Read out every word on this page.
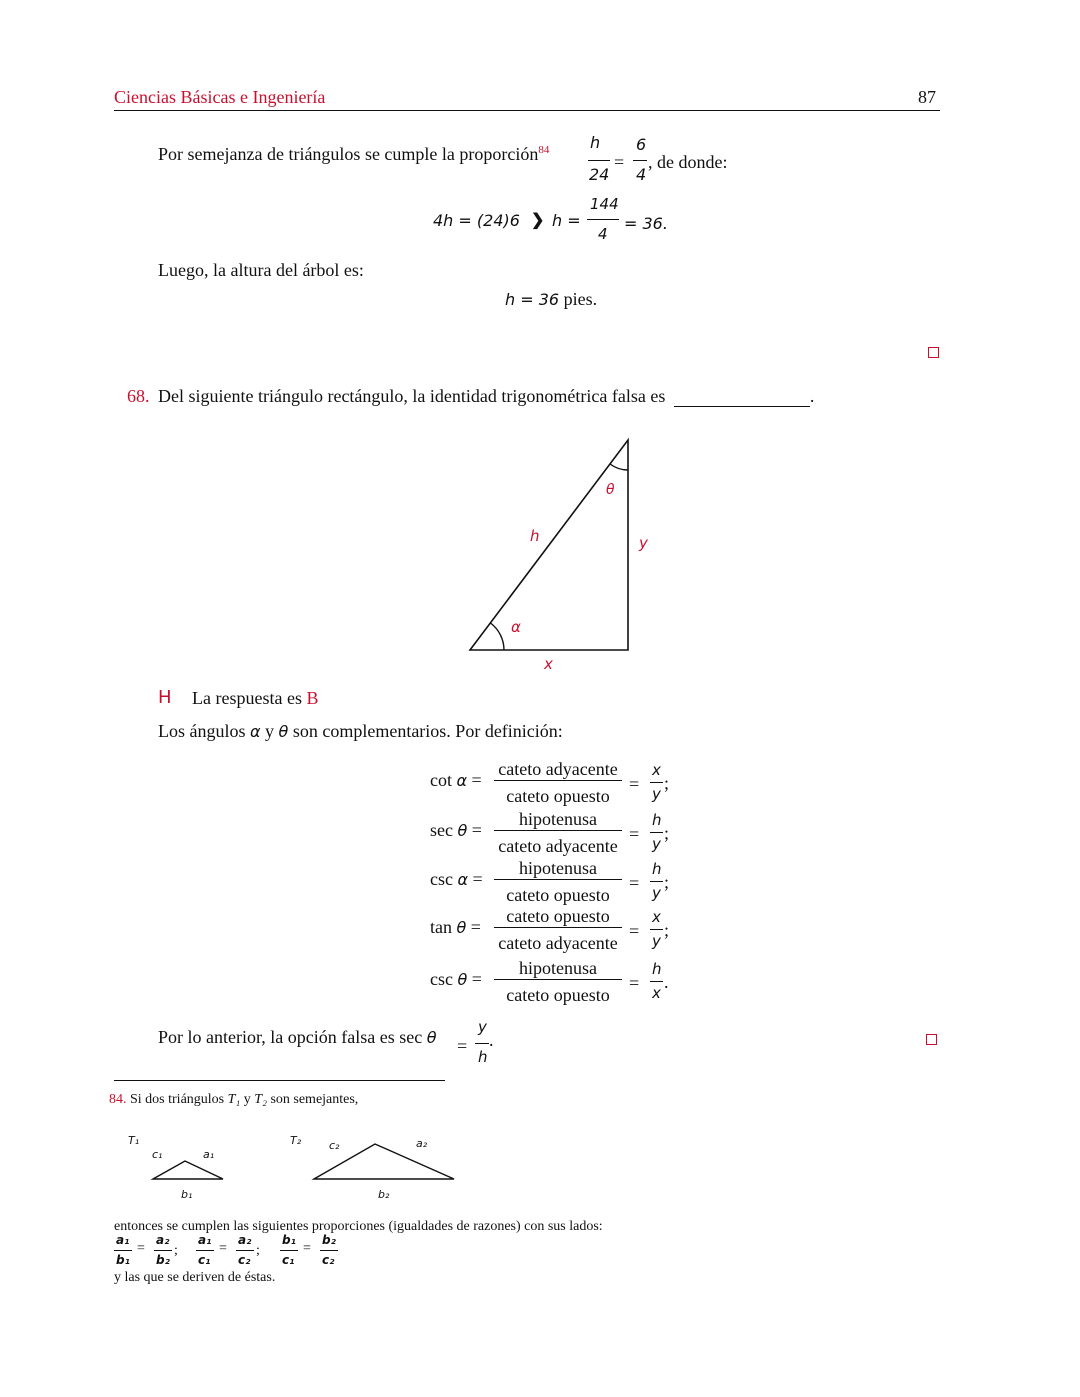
Ciencias Básicas e Ingeniería	87
Por semejanza de triángulos se cumple la proporción$^{84}$	h
24
=
6
4
, de donde:
4h = (24)6 ❯ h =
144
4
= 36.
Luego, la altura del árbol es:
h = 36 pies.
68. Del siguiente triángulo rectángulo, la identidad trigonométrica falsa es	.
θ
h	y
α
x
H La respuesta es B
Los ángulos α y θ son complementarios. Por definición:
cot α =
cateto adyacente
cateto opuesto
=
x
y
;
sec θ =
hipotenusa
cateto adyacente
=
h
y
;
csc α =
hipotenusa
cateto opuesto
=
h
y
;
tan θ =
cateto opuesto
cateto adyacente
=
x
y
;
csc θ =
hipotenusa
cateto opuesto
=
h
x
.
Por lo anterior, la opción falsa es sec θ =
y
h
.
84. Si dos triángulos T₁ y T₂ son semejantes,
T₁
c₁	a₁
b₁
T₂	c₂	a₂
b₂
entonces se cumplen las siguientes proporciones (igualdades de razones) con sus lados:
a₁
b₁
=
a₂
b₂
;
a₁
c₁
=
a₂
c₂
;
b₁
c₁
=
b₂
c₂
y las que se deriven de éstas.
